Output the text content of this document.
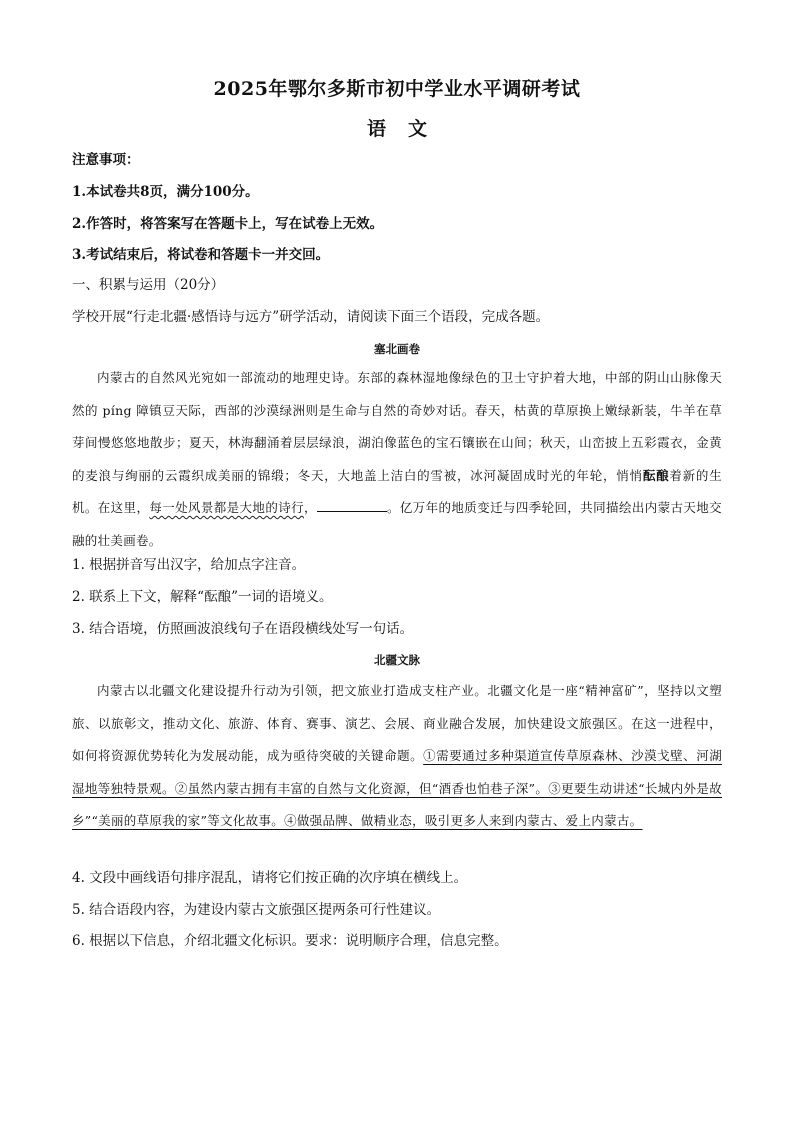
2025年鄂尔多斯市初中学业水平调研考试
语文
注意事项：
1.本试卷共8页，满分100分。
2.作答时，将答案写在答题卡上，写在试卷上无效。
3.考试结束后，将试卷和答题卡一并交回。
一、积累与运用（20分）
学校开展“行走北疆·感悟诗与远方”研学活动，请阅读下面三个语段，完成各题。
塞北画卷
内蒙古的自然风光宛如一部流动的地理史诗。东部的森林湿地像绿色的卫士守护着大地，中部的阴山山脉像天然的 píng 障镇豆天际，西部的沙漠绿洲则是生命与自然的奇妙对话。春天，枯黄的草原换上嫩绿新装，牛羊在草芽间慢悠悠地散步；夏天，林海翻涌着层层绿浪，湖泊像蓝色的宝石镶嵌在山间；秋天，山峦披上五彩霞衣，金黄的麦浪与绚丽的云霞织成美丽的锦缎；冬天，大地盖上洁白的雪被，冰河凝固成时光的年轮，悄悄酝酿着新的生机。在这里，每一处风景都是大地的诗行，	。亿万年的地质变迁与四季轮回，共同描绘出内蒙古天地交融的壮美画卷。
1. 根据拼音写出汉字，给加点字注音。
2. 联系上下文，解释“酝酿”一词的语境义。
3. 结合语境，仿照画波浪线句子在语段横线处写一句话。
北疆文脉
内蒙古以北疆文化建设提升行动为引领，把文旅业打造成支柱产业。北疆文化是一座“精神富矿”，坚持以文塑旅、以旅彰文，推动文化、旅游、体育、赛事、演艺、会展、商业融合发展，加快建设文旅强区。在这一进程中，如何将资源优势转化为发展动能，成为亟待突破的关键命题。①需要通过多种渠道宣传草原森林、沙漠戈壁、河湖湿地等独特景观。②虽然内蒙古拥有丰富的自然与文化资源，但“酒香也怕巷子深”。③更要生动讲述“长城内外是故乡”“美丽的草原我的家”等文化故事。④做强品牌、做精业态，吸引更多人来到内蒙古、爱上内蒙古。
4. 文段中画线语句排序混乱，请将它们按正确的次序填在横线上。
5. 结合语段内容，为建设内蒙古文旅强区提两条可行性建议。
6. 根据以下信息，介绍北疆文化标识。要求：说明顺序合理，信息完整。
